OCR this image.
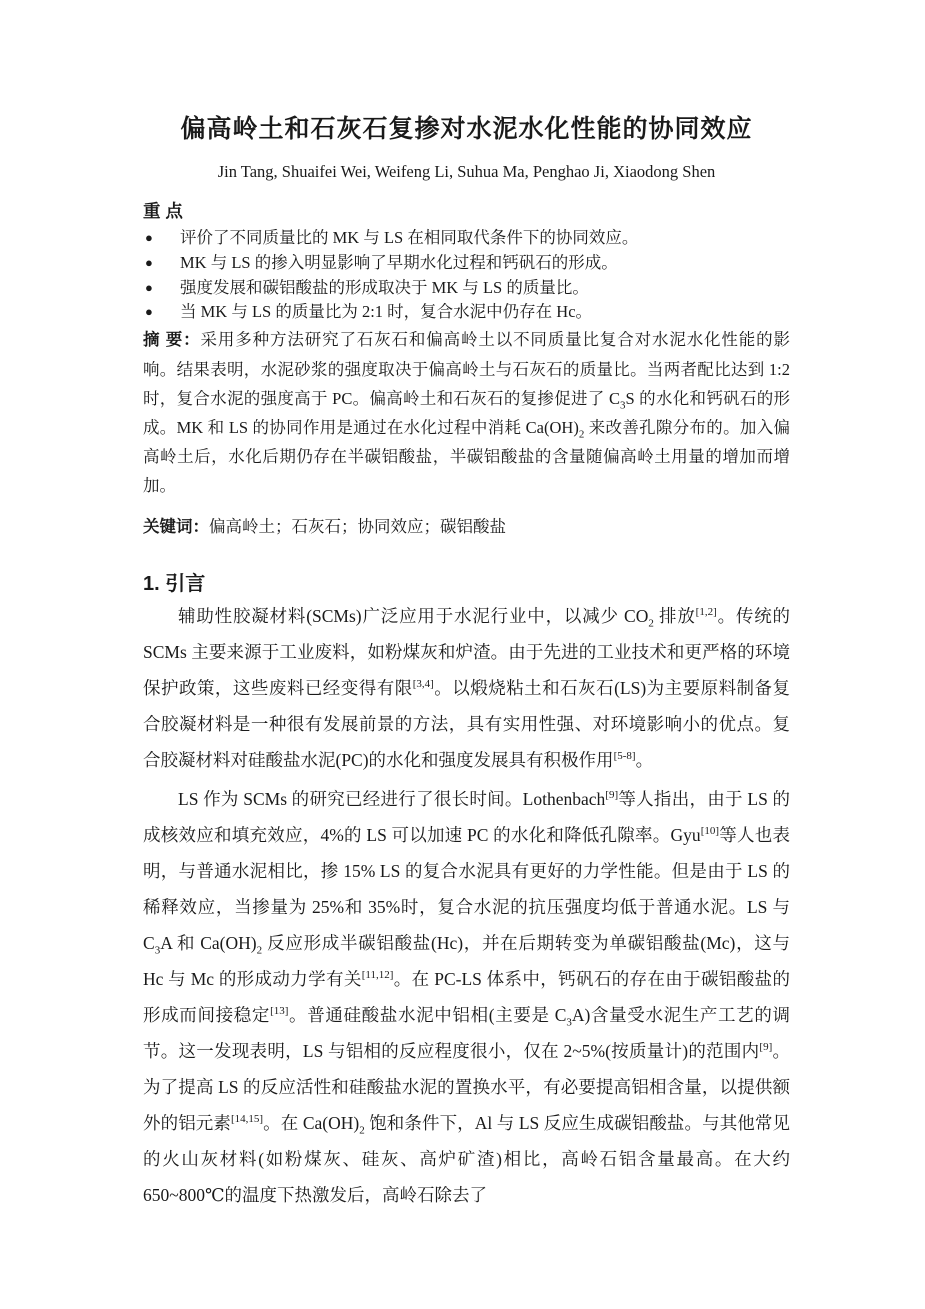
偏高岭土和石灰石复掺对水泥水化性能的协同效应

Jin Tang, Shuaifei Wei, Weifeng Li, Suhua Ma, Penghao Ji, Xiaodong Shen

重 点
● 评价了不同质量比的 MK 与 LS 在相同取代条件下的协同效应。
● MK 与 LS 的掺入明显影响了早期水化过程和钙矾石的形成。
● 强度发展和碳铝酸盐的形成取决于 MK 与 LS 的质量比。
● 当 MK 与 LS 的质量比为 2:1 时，复合水泥中仍存在 Hc。

摘 要：采用多种方法研究了石灰石和偏高岭土以不同质量比复合对水泥水化性能的影响。结果表明，水泥砂浆的强度取决于偏高岭土与石灰石的质量比。当两者配比达到 1:2 时，复合水泥的强度高于 PC。偏高岭土和石灰石的复掺促进了 $C_3S$ 的水化和钙矾石的形成。MK 和 LS 的协同作用是通过在水化过程中消耗 $Ca(OH)_2$ 来改善孔隙分布的。加入偏高岭土后，水化后期仍存在半碳铝酸盐，半碳铝酸盐的含量随偏高岭土用量的增加而增加。

关键词：偏高岭土；石灰石；协同效应；碳铝酸盐

1. 引言

辅助性胶凝材料(SCMs)广泛应用于水泥行业中，以减少 $CO_2$ 排放[1,2]。传统的 SCMs 主要来源于工业废料，如粉煤灰和炉渣。由于先进的工业技术和更严格的环境保护政策，这些废料已经变得有限[3,4]。以煅烧粘土和石灰石(LS)为主要原料制备复合胶凝材料是一种很有发展前景的方法，具有实用性强、对环境影响小的优点。复合胶凝材料对硅酸盐水泥(PC)的水化和强度发展具有积极作用[5-8]。

LS 作为 SCMs 的研究已经进行了很长时间。Lothenbach[9]等人指出，由于 LS 的成核效应和填充效应，4%的 LS 可以加速 PC 的水化和降低孔隙率。Gyu[10]等人也表明，与普通水泥相比，掺 15% LS 的复合水泥具有更好的力学性能。但是由于 LS 的稀释效应，当掺量为 25%和 35%时，复合水泥的抗压强度均低于普通水泥。LS 与 $C_3A$ 和 $Ca(OH)_2$ 反应形成半碳铝酸盐(Hc)，并在后期转变为单碳铝酸盐(Mc)，这与 Hc 与 Mc 的形成动力学有关[11,12]。在 PC-LS 体系中，钙矾石的存在由于碳铝酸盐的形成而间接稳定[13]。普通硅酸盐水泥中铝相(主要是 $C_3A$)含量受水泥生产工艺的调节。这一发现表明，LS 与铝相的反应程度很小，仅在 2~5%(按质量计)的范围内[9]。为了提高 LS 的反应活性和硅酸盐水泥的置换水平，有必要提高铝相含量，以提供额外的铝元素[14,15]。在 $Ca(OH)_2$ 饱和条件下，Al 与 LS 反应生成碳铝酸盐。与其他常见的火山灰材料(如粉煤灰、硅灰、高炉矿渣)相比，高岭石铝含量最高。在大约 650~800℃的温度下热激发后，高岭石除去了
